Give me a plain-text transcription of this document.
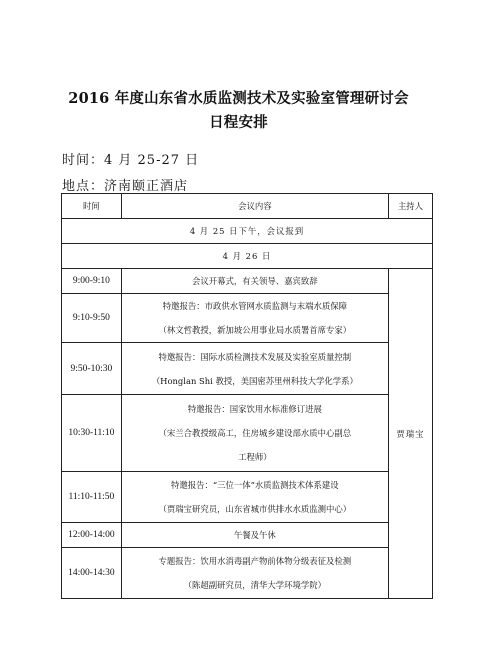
2016 年度山东省水质监测技术及实验室管理研讨会
日程安排
时间：4 月 25-27 日
地点：济南颐正酒店
时间	会议内容	主持人
4 月 25 日下午，会议报到		
4 月 26 日		
9:00-9:10	会议开幕式，有关领导、嘉宾致辞	贾瑞宝
9:10-9:50	特邀报告：市政供水管网水质监测与末端水质保障
（林文哲教授，新加坡公用事业局水质署首席专家）	

9:50-10:30	特邀报告：国际水质检测技术发展及实验室质量控制
（Honglan Shi 教授，美国密苏里州科技大学化学系）	

10:30-11:10	特邀报告：国家饮用水标准修订进展
（宋兰合教授级高工，住房城乡建设部水质中心副总
工程师）	

11:10-11:50	特邀报告：“三位一体”水质监测技术体系建设
（贾瑞宝研究员，山东省城市供排水水质监测中心）	

12:00-14:00	午餐及午休	

14:00-14:30	专题报告：饮用水消毒副产物前体物分级表征及检测
（陈超副研究员，清华大学环境学院）	
